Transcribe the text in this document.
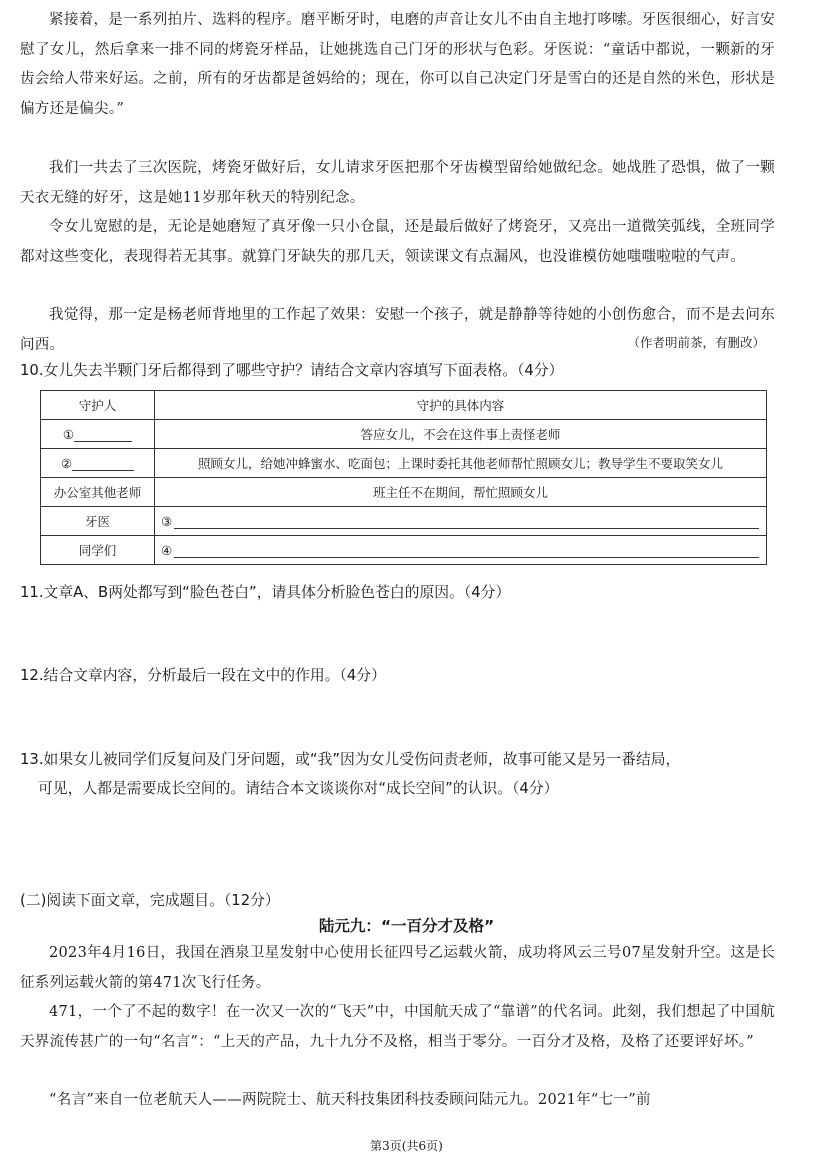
紧接着，是一系列拍片、选料的程序。磨平断牙时，电磨的声音让女儿不由自主地打哆嗦。牙医很细心，好言安慰了女儿，然后拿来一排不同的烤瓷牙样品，让她挑选自己门牙的形状与色彩。牙医说：“童话中都说，一颗新的牙齿会给人带来好运。之前，所有的牙齿都是爸妈给的；现在，你可以自己决定门牙是雪白的还是自然的米色，形状是偏方还是偏尖。”

我们一共去了三次医院，烤瓷牙做好后，女儿请求牙医把那个牙齿模型留给她做纪念。她战胜了恐惧，做了一颗天衣无缝的好牙，这是她11岁那年秋天的特别纪念。

令女儿宽慰的是，无论是她磨短了真牙像一只小仓鼠，还是最后做好了烤瓷牙，又亮出一道微笑弧线，全班同学都对这些变化，表现得若无其事。就算门牙缺失的那几天，领读课文有点漏风，也没谁模仿她嗤嗤啦啦的气声。

我觉得，那一定是杨老师背地里的工作起了效果：安慰一个孩子，就是静静等待她的小创伤愈合，而不是去问东问西。	（作者明前茶，有删改）

10.女儿失去半颗门牙后都得到了哪些守护？请结合文章内容填写下面表格。（4分）

守护人	守护的具体内容
①	答应女儿，不会在这件事上责怪老师
②	照顾女儿，给她冲蜂蜜水、吃面包；上课时委托其他老师帮忙照顾女儿；教导学生不要取笑女儿
办公室其他老师	班主任不在期间，帮忙照顾女儿
牙医	③
同学们	④

11.文章A、B两处都写到“脸色苍白”，请具体分析脸色苍白的原因。（4分）

12.结合文章内容，分析最后一段在文中的作用。（4分）

13.如果女儿被同学们反复问及门牙问题，或“我”因为女儿受伤问责老师，故事可能又是另一番结局，
可见，人都是需要成长空间的。请结合本文谈谈你对“成长空间”的认识。（4分）

(二)阅读下面文章，完成题目。（12分）
陆元九：“一百分才及格”

2023年4月16日，我国在酒泉卫星发射中心使用长征四号乙运载火箭，成功将风云三号07星发射升空。这是长征系列运载火箭的第471次飞行任务。

471，一个了不起的数字！在一次又一次的“飞天”中，中国航天成了“靠谱”的代名词。此刻，我们想起了中国航天界流传甚广的一句“名言”：“上天的产品，九十九分不及格，相当于零分。一百分才及格，及格了还要评好坏。”

“名言”来自一位老航天人——两院院士、航天科技集团科技委顾问陆元九。2021年“七一”前

第3页(共6页)
